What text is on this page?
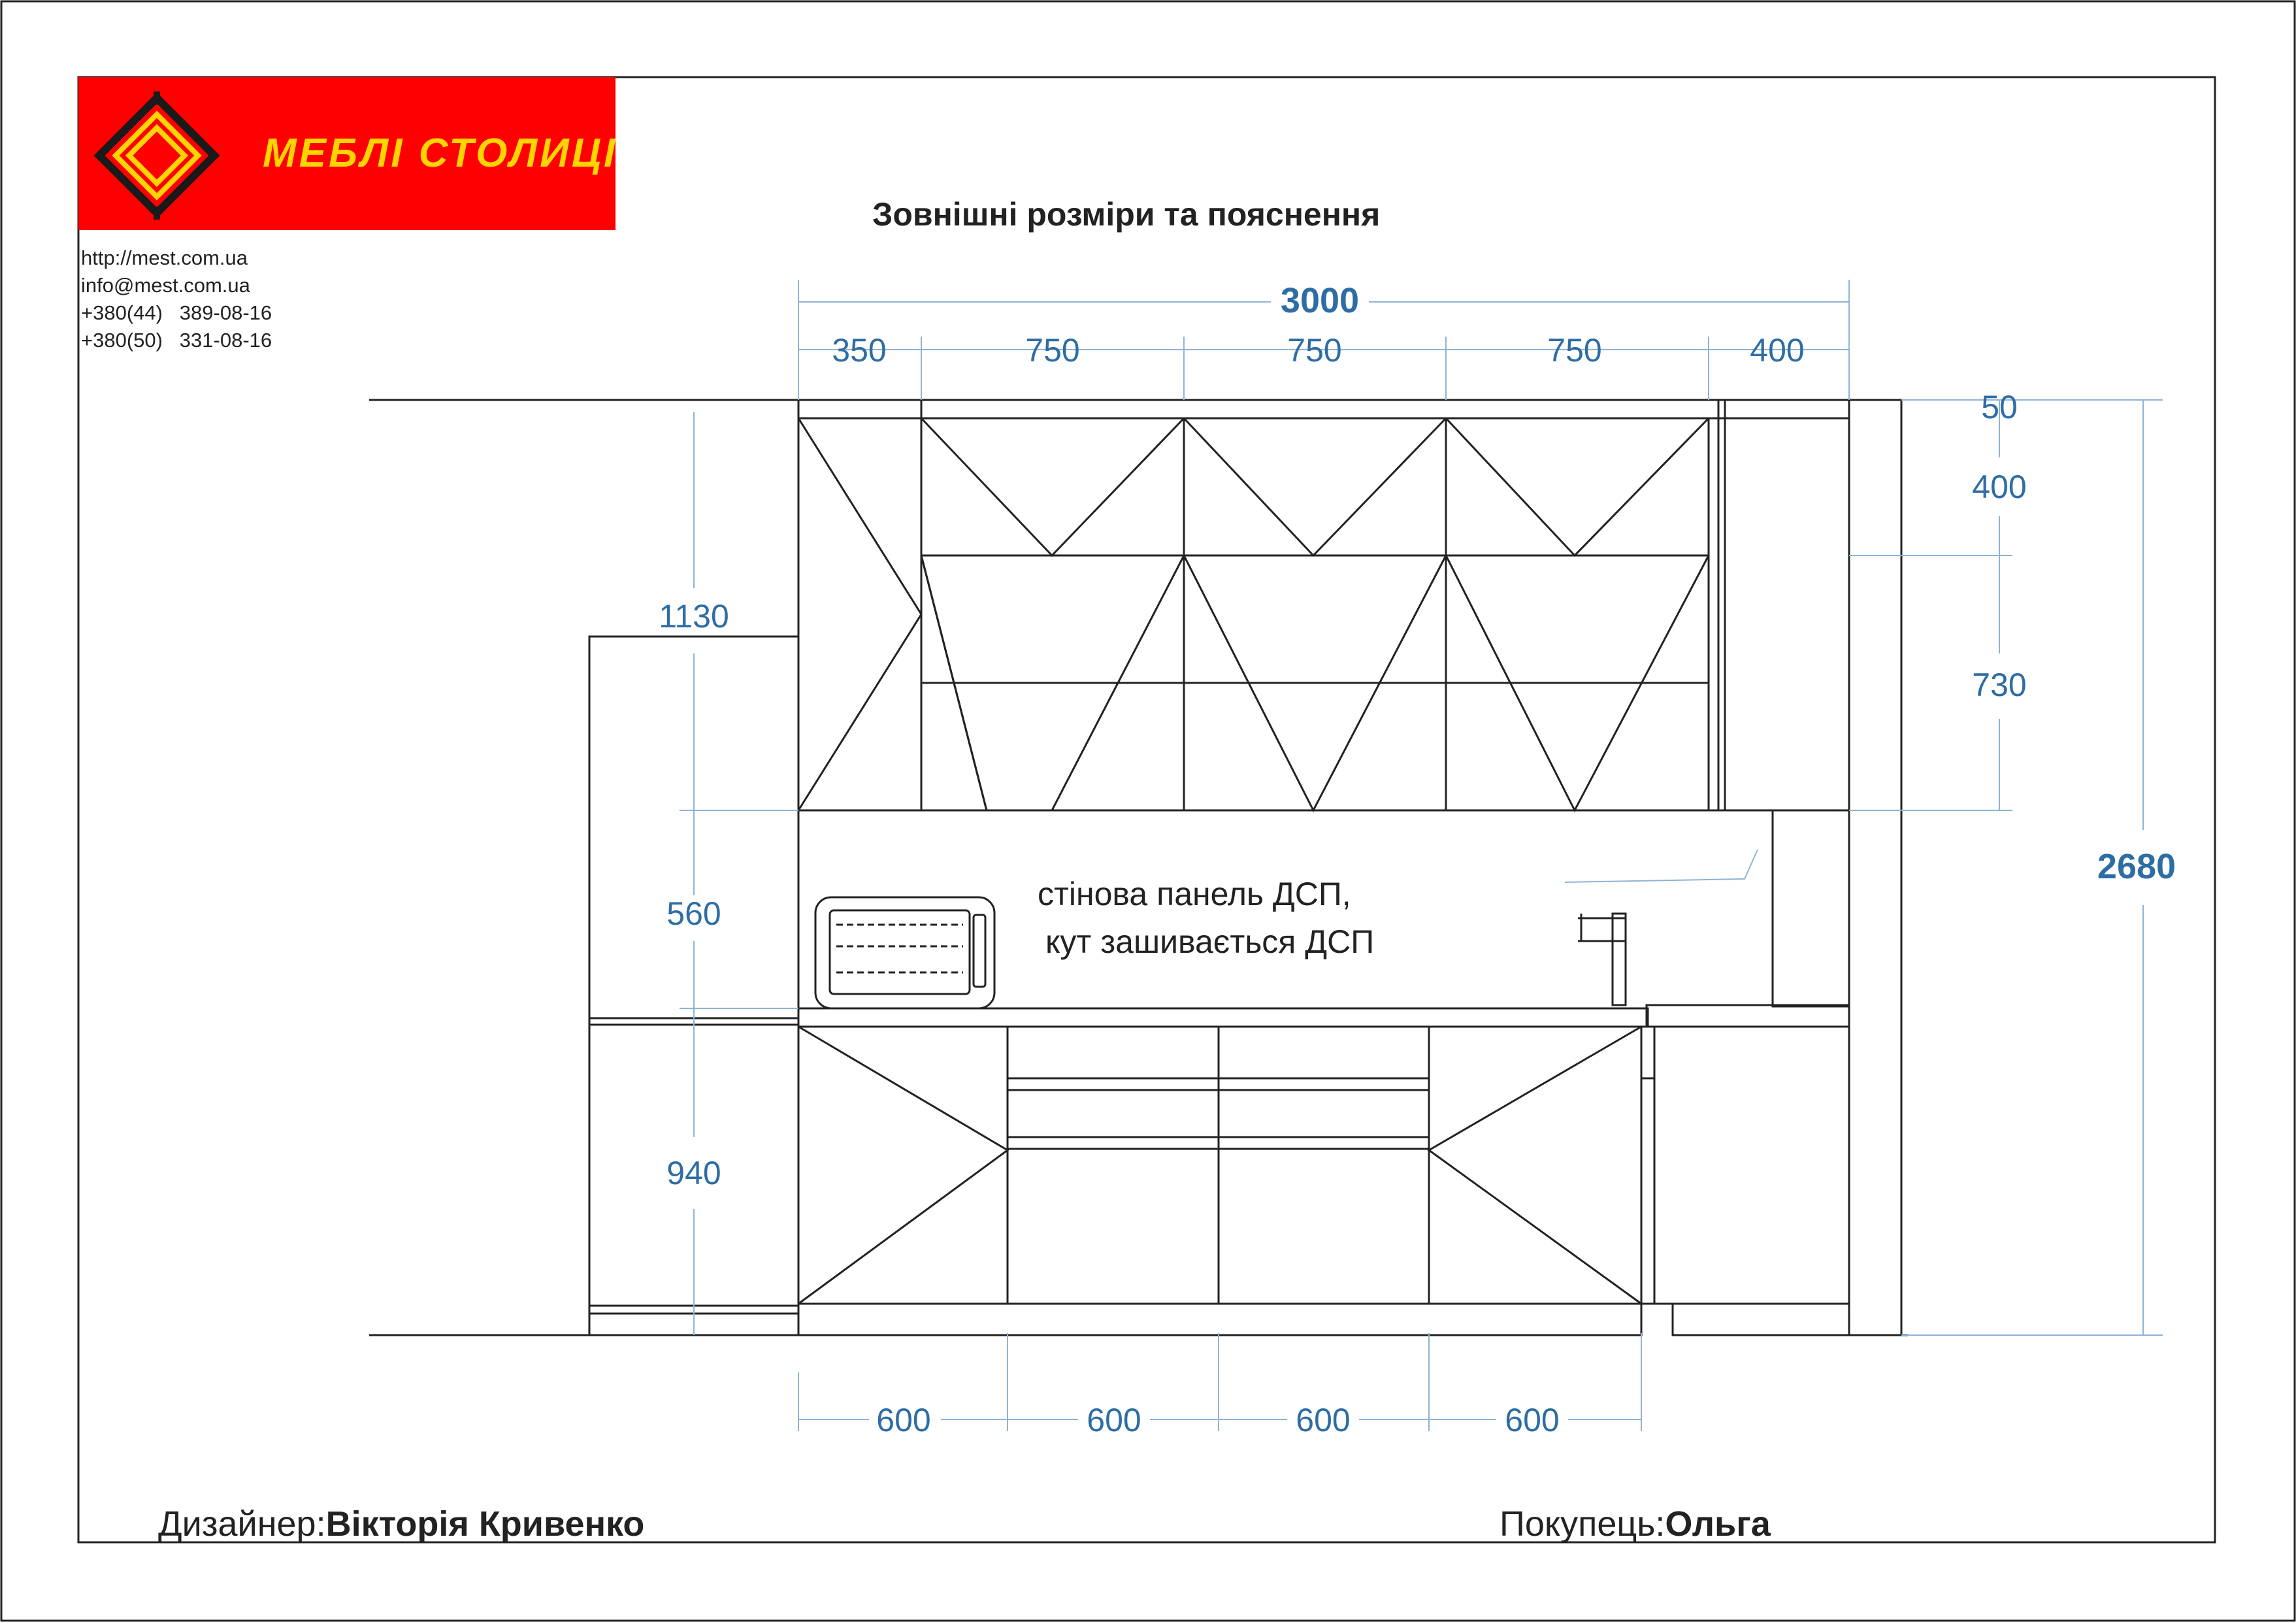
МЕБЛІ СТОЛИЦІ
http://mest.com.ua
info@mest.com.ua
+380(44)   389-08-16
+380(50)   331-08-16
Зовнішні розміри та пояснення
3000
350	750	750	750	400
50
400
730
2680
1130
560
940
600	600	600	600
стінова панель ДСП,
кут зашивається ДСП
Дизайнер:Вікторія Кривенко	Покупець:Ольга
